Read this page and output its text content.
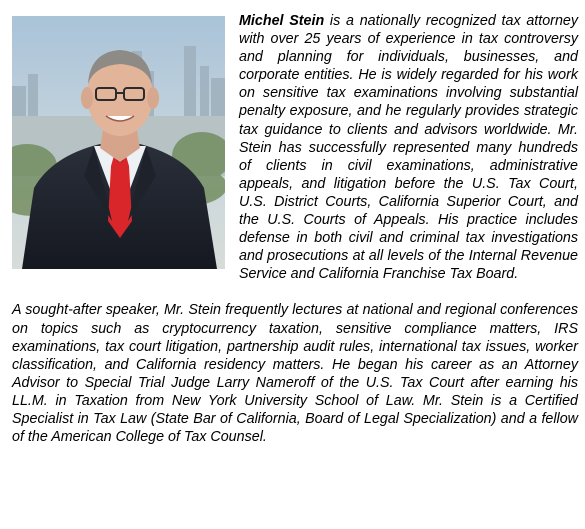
Michel Stein is a nationally recognized tax attorney with over 25 years of experience in tax controversy and planning for individuals, businesses, and corporate entities. He is widely regarded for his work on sensitive tax examinations involving substantial penalty exposure, and he regularly provides strategic tax guidance to clients and advisors worldwide. Mr. Stein has successfully represented many hundreds of clients in civil examinations, administrative appeals, and litigation before the U.S. Tax Court, U.S. District Courts, California Superior Court, and the U.S. Courts of Appeals. His practice includes defense in both civil and criminal tax investigations and prosecutions at all levels of the Internal Revenue Service and California Franchise Tax Board.

A sought-after speaker, Mr. Stein frequently lectures at national and regional conferences on topics such as cryptocurrency taxation, sensitive compliance matters, IRS examinations, tax court litigation, partnership audit rules, international tax issues, worker classification, and California residency matters. He began his career as an Attorney Advisor to Special Trial Judge Larry Nameroff of the U.S. Tax Court after earning his LL.M. in Taxation from New York University School of Law. Mr. Stein is a Certified Specialist in Tax Law (State Bar of California, Board of Legal Specialization) and a fellow of the American College of Tax Counsel.
